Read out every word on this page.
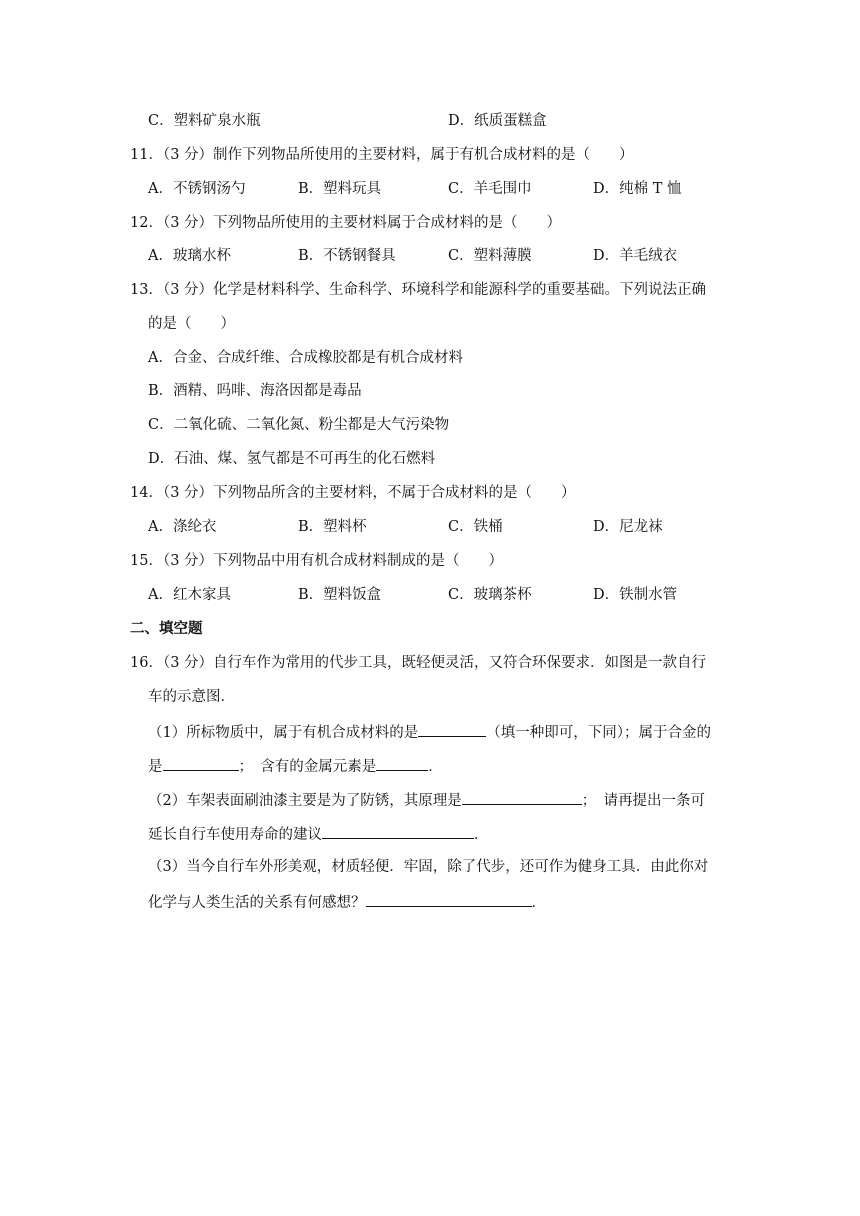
C．塑料矿泉水瓶	D．纸质蛋糕盒
11．（3 分）制作下列物品所使用的主要材料，属于有机合成材料的是（　　）
A．不锈钢汤勺	B．塑料玩具	C．羊毛围巾	D．纯棉 T 恤
12．（3 分）下列物品所使用的主要材料属于合成材料的是（　　）
A．玻璃水杯	B．不锈钢餐具	C．塑料薄膜	D．羊毛绒衣
13．（3 分）化学是材料科学、生命科学、环境科学和能源科学的重要基础。下列说法正确
的是（　　）
A．合金、合成纤维、合成橡胶都是有机合成材料
B．酒精、吗啡、海洛因都是毒品
C．二氧化硫、二氧化氮、粉尘都是大气污染物
D．石油、煤、氢气都是不可再生的化石燃料
14．（3 分）下列物品所含的主要材料，不属于合成材料的是（　　）
A．涤纶衣	B．塑料杯	C．铁桶	D．尼龙袜
15．（3 分）下列物品中用有机合成材料制成的是（　　）
A．红木家具	B．塑料饭盒	C．玻璃茶杯	D．铁制水管
二、填空题
16．（3 分）自行车作为常用的代步工具，既轻便灵活，又符合环保要求．如图是一款自行
车的示意图．
（1）所标物质中，属于有机合成材料的是	（填一种即可，下同）；属于合金的
是	；　含有的金属元素是	．
（2）车架表面刷油漆主要是为了防锈，其原理是	；　请再提出一条可
延长自行车使用寿命的建议	．
（3）当今自行车外形美观，材质轻便．牢固，除了代步，还可作为健身工具．由此你对
化学与人类生活的关系有何感想？	．
